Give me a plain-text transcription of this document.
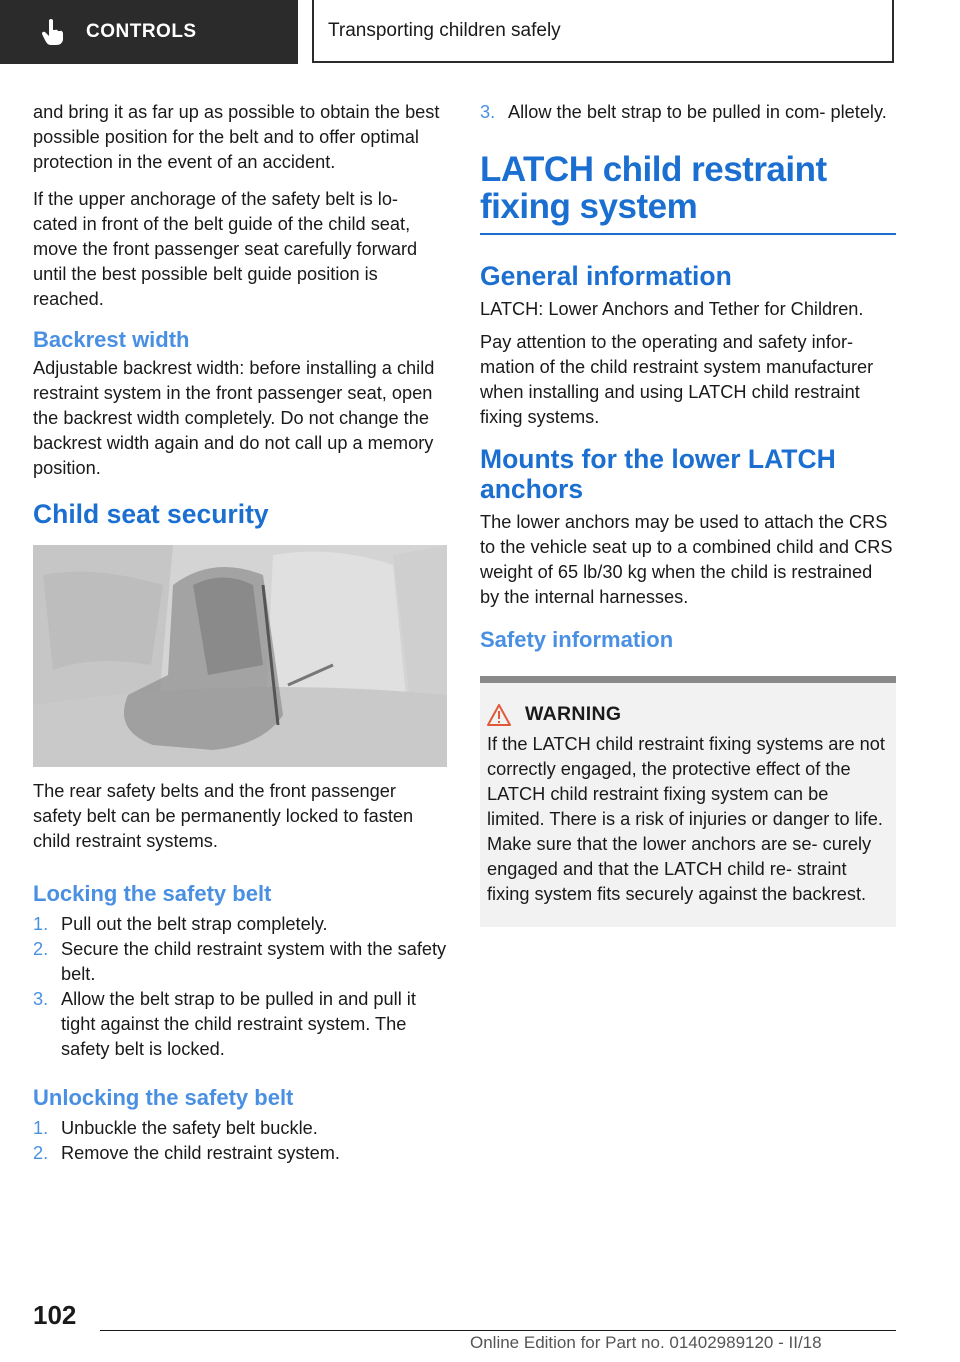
CONTROLS	Transporting children safely

and bring it as far up as possible to obtain the best possible position for the belt and to offer optimal protection in the event of an accident.

If the upper anchorage of the safety belt is lo- cated in front of the belt guide of the child seat, move the front passenger seat carefully forward until the best possible belt guide position is reached.

Backrest width

Adjustable backrest width: before installing a child restraint system in the front passenger seat, open the backrest width completely. Do not change the backrest width again and do not call up a memory position.

Child seat security

The rear safety belts and the front passenger safety belt can be permanently locked to fasten child restraint systems.

Locking the safety belt
1. Pull out the belt strap completely.
2. Secure the child restraint system with the safety belt.
3. Allow the belt strap to be pulled in and pull it tight against the child restraint system. The safety belt is locked.
Unlocking the safety belt
1. Unbuckle the safety belt buckle.
2. Remove the child restraint system.
3. Allow the belt strap to be pulled in com- pletely.
LATCH child restraint fixing system
General information

LATCH: Lower Anchors and Tether for Children.

Pay attention to the operating and safety infor- mation of the child restraint system manufacturer when installing and using LATCH child restraint fixing systems.

Mounts for the lower LATCH anchors

The lower anchors may be used to attach the CRS to the vehicle seat up to a combined child and CRS weight of 65 lb/30 kg when the child is restrained by the internal harnesses.

Safety information
WARNING

If the LATCH child restraint fixing systems are not correctly engaged, the protective effect of the LATCH child restraint fixing system can be limited. There is a risk of injuries or danger to life. Make sure that the lower anchors are se- curely engaged and that the LATCH child re- straint fixing system fits securely against the backrest.

102
Online Edition for Part no. 01402989120 - II/18
